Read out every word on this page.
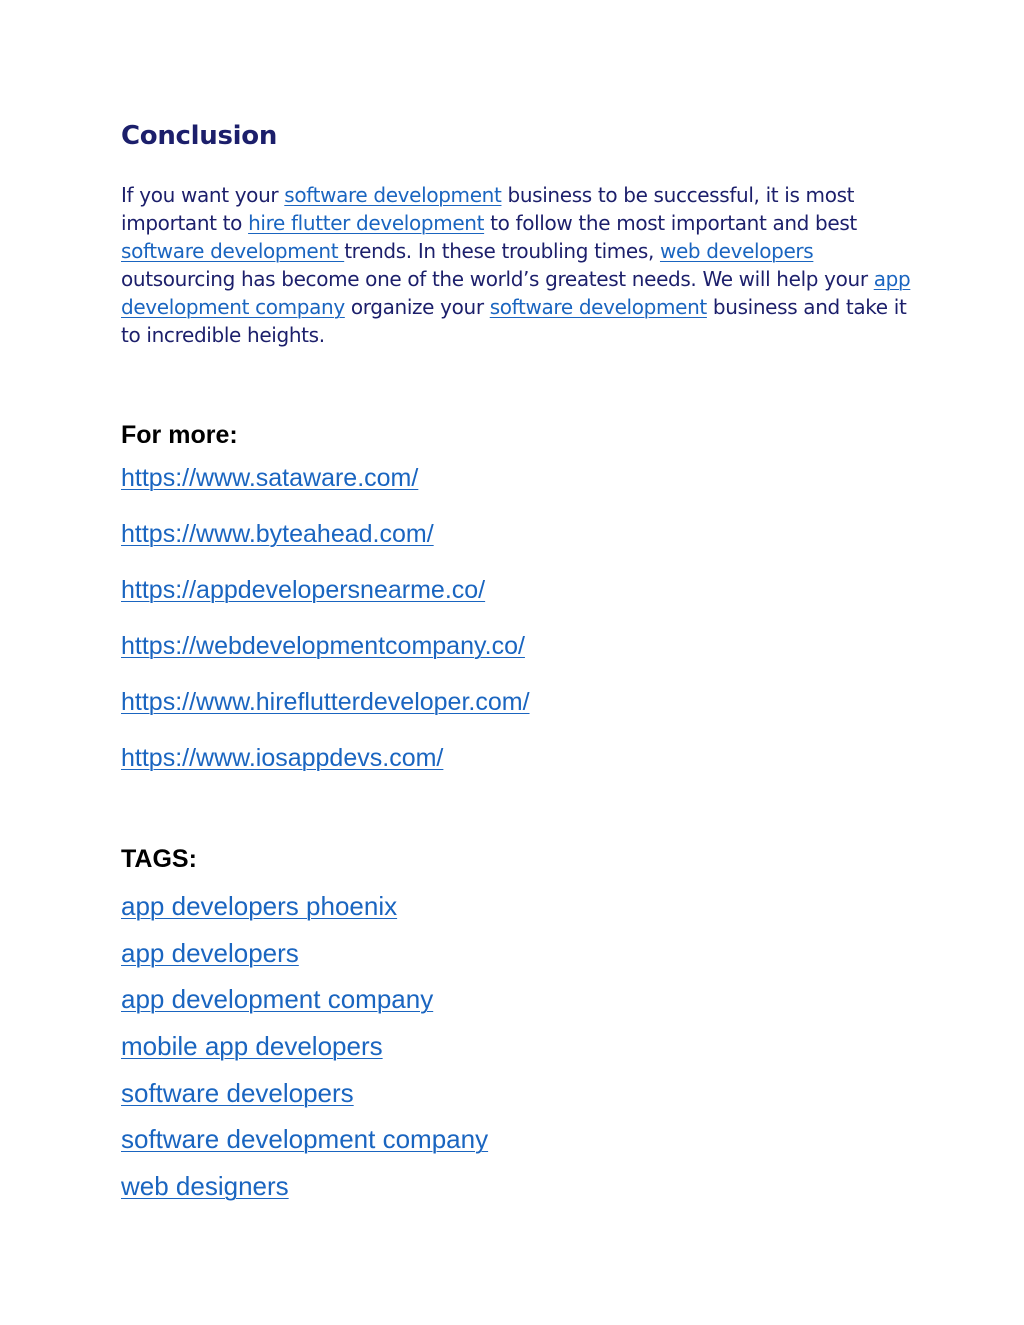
Conclusion

If you want your software development business to be successful, it is most important to hire flutter development to follow the most important and best software development trends. In these troubling times, web developers outsourcing has become one of the world’s greatest needs. We will help your app development company organize your software development business and take it to incredible heights.

For more:
https://www.sataware.com/
https://www.byteahead.com/
https://appdevelopersnearme.co/
https://webdevelopmentcompany.co/
https://www.hireflutterdeveloper.com/
https://www.iosappdevs.com/
TAGS:
app developers phoenix
app developers
app development company
mobile app developers
software developers
software development company
web designers
